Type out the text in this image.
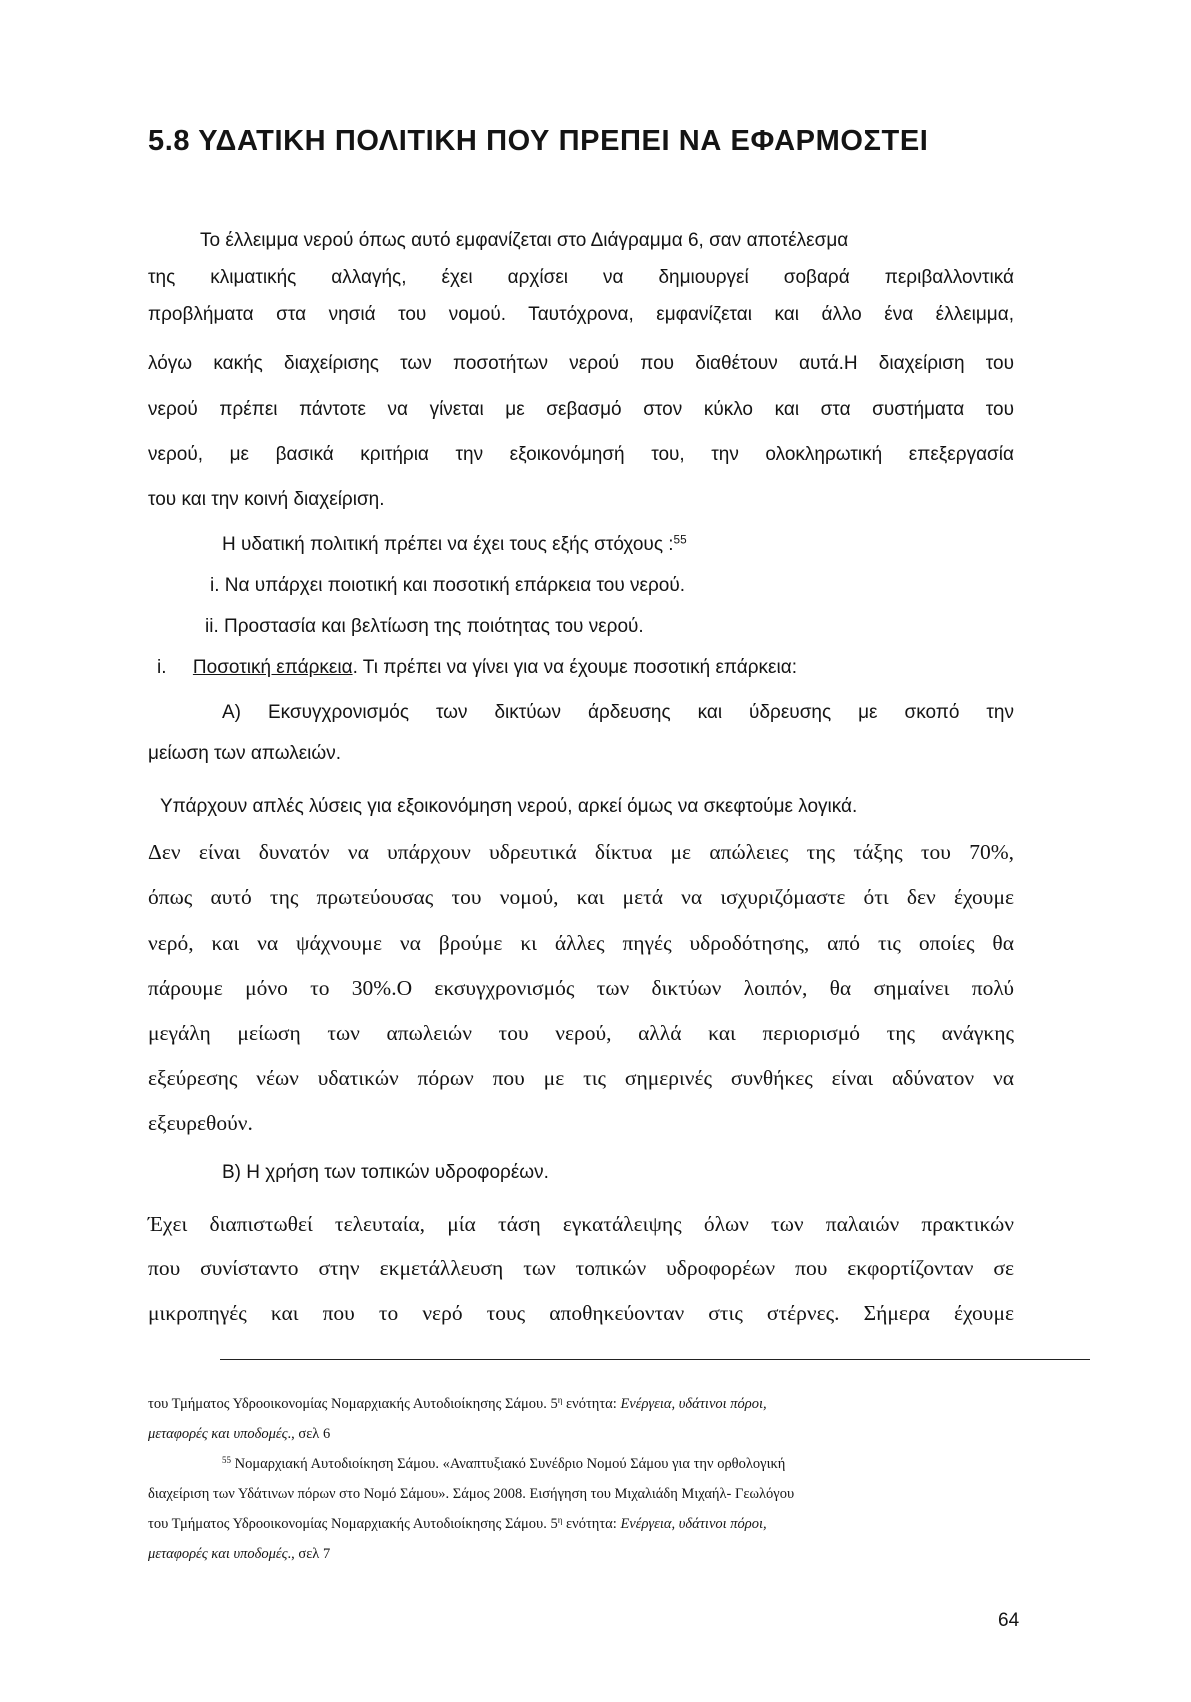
5.8 ΥΔΑΤΙΚΗ ΠΟΛΙΤΙΚΗ ΠΟΥ ΠΡΕΠΕΙ ΝΑ ΕΦΑΡΜΟΣΤΕΙ
Το έλλειμμα νερού όπως αυτό εμφανίζεται στο Διάγραμμα 6, σαν αποτέλεσμα
της κλιματικής αλλαγής, έχει αρχίσει να δημιουργεί σοβαρά περιβαλλοντικά
προβλήματα στα νησιά του νομού. Ταυτόχρονα, εμφανίζεται και άλλο ένα έλλειμμα,
λόγω κακής διαχείρισης των ποσοτήτων νερού που διαθέτουν αυτά.Η διαχείριση του
νερού πρέπει πάντοτε να γίνεται με σεβασμό στον κύκλο και στα συστήματα του
νερού, με βασικά κριτήρια την εξοικονόμησή του, την ολοκληρωτική επεξεργασία
του και την κοινή διαχείριση.
Η υδατική πολιτική πρέπει να έχει τους εξής στόχους :$^{55}$
i. Να υπάρχει ποιοτική και ποσοτική επάρκεια του νερού.
ii. Προστασία και βελτίωση της ποιότητας του νερού.
i. Ποσοτική επάρκεια. Τι πρέπει να γίνει για να έχουμε ποσοτική επάρκεια:
Α) Εκσυγχρονισμός των δικτύων άρδευσης και ύδρευσης με σκοπό την
μείωση των απωλειών.
Υπάρχουν απλές λύσεις για εξοικονόμηση νερού, αρκεί όμως να σκεφτούμε λογικά.
Δεν είναι δυνατόν να υπάρχουν υδρευτικά δίκτυα με απώλειες της τάξης του 70%,
όπως αυτό της πρωτεύουσας του νομού, και μετά να ισχυριζόμαστε ότι δεν έχουμε
νερό, και να ψάχνουμε να βρούμε κι άλλες πηγές υδροδότησης, από τις οποίες θα
πάρουμε μόνο το 30%.Ο εκσυγχρονισμός των δικτύων λοιπόν, θα σημαίνει πολύ
μεγάλη μείωση των απωλειών του νερού, αλλά και περιορισμό της ανάγκης
εξεύρεσης νέων υδατικών πόρων που με τις σημερινές συνθήκες είναι αδύνατον να
εξευρεθούν.
Β) Η χρήση των τοπικών υδροφορέων.
Έχει διαπιστωθεί τελευταία, μία τάση εγκατάλειψης όλων των παλαιών πρακτικών
που συνίσταντο στην εκμετάλλευση των τοπικών υδροφορέων που εκφορτίζονταν σε
μικροπηγές και που το νερό τους αποθηκεύονταν στις στέρνες. Σήμερα έχουμε
του Τμήματος Υδροοικονομίας Νομαρχιακής Αυτοδιοίκησης Σάμου. $5^\eta$ ενότητα: Ενέργεια, υδάτινοι πόροι,
μεταφορές και υποδομές., σελ 6
$^{55}$ Νομαρχιακή Αυτοδιοίκηση Σάμου. «Αναπτυξιακό Συνέδριο Νομού Σάμου για την ορθολογική
διαχείριση των Υδάτινων πόρων στο Νομό Σάμου». Σάμος 2008. Εισήγηση του Μιχαλιάδη Μιχαήλ- Γεωλόγου
του Τμήματος Υδροοικονομίας Νομαρχιακής Αυτοδιοίκησης Σάμου. $5^\eta$ ενότητα: Ενέργεια, υδάτινοι πόροι,
μεταφορές και υποδομές., σελ 7
64
